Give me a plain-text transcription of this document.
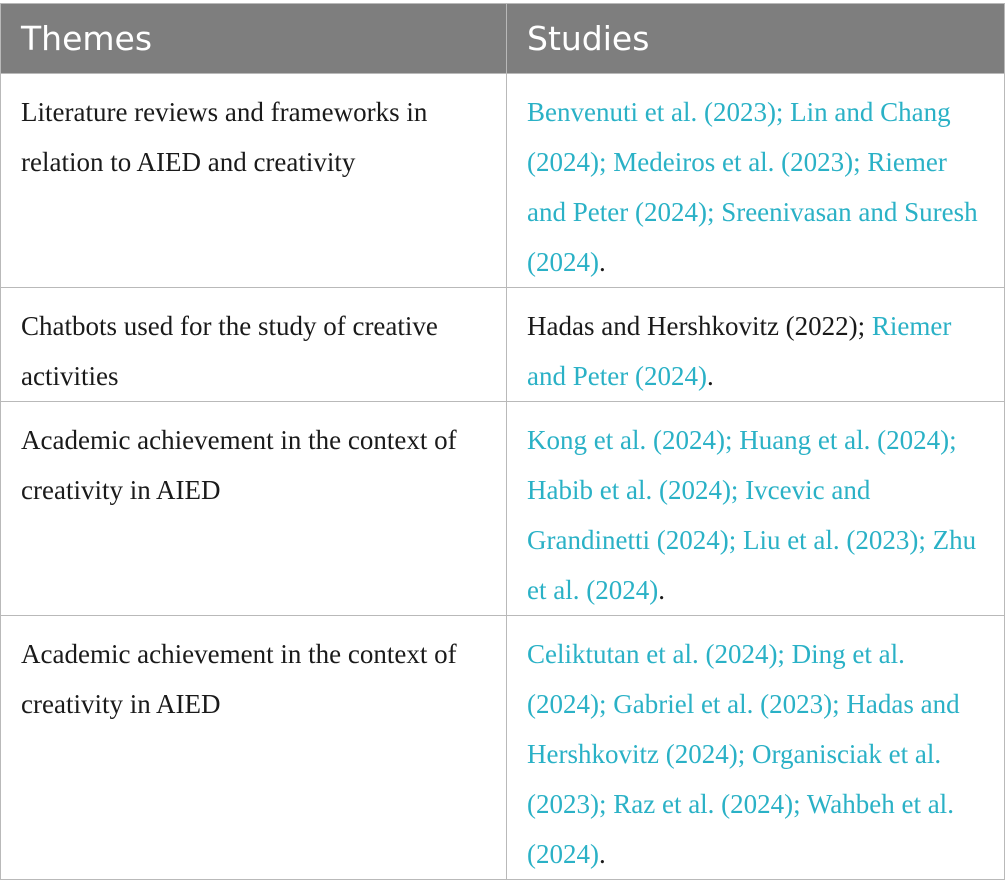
Themes	Studies
Literature reviews and frameworks in relation to AIED and creativity	Benvenuti et al. (2023); Lin and Chang (2024); Medeiros et al. (2023); Riemer and Peter (2024); Sreenivasan and Suresh (2024).
Chatbots used for the study of creative activities	Hadas and Hershkovitz (2022); Riemer and Peter (2024).
Academic achievement in the context of creativity in AIED	Kong et al. (2024); Huang et al. (2024); Habib et al. (2024); Ivcevic and Grandinetti (2024); Liu et al. (2023); Zhu et al. (2024).
Academic achievement in the context of creativity in AIED	Celiktutan et al. (2024); Ding et al. (2024); Gabriel et al. (2023); Hadas and Hershkovitz (2024); Organisciak et al. (2023); Raz et al. (2024); Wahbeh et al. (2024).
